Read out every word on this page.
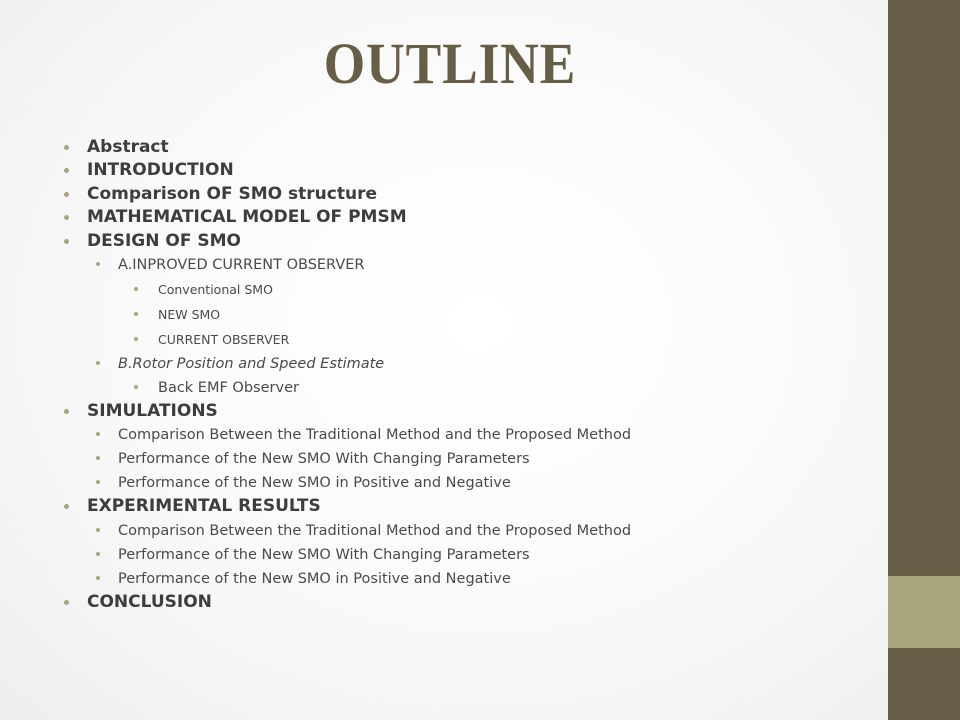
OUTLINE
Abstract
INTRODUCTION
Comparison OF SMO structure
MATHEMATICAL MODEL OF PMSM
DESIGN OF SMO
A.INPROVED CURRENT OBSERVER
Conventional SMO
NEW SMO
CURRENT OBSERVER
B.Rotor Position and Speed Estimate
Back EMF Observer
SIMULATIONS
Comparison Between the Traditional Method and the Proposed Method
Performance of the New SMO With Changing Parameters
Performance of the New SMO in Positive and Negative
EXPERIMENTAL RESULTS
Comparison Between the Traditional Method and the Proposed Method
Performance of the New SMO With Changing Parameters
Performance of the New SMO in Positive and Negative
CONCLUSION
